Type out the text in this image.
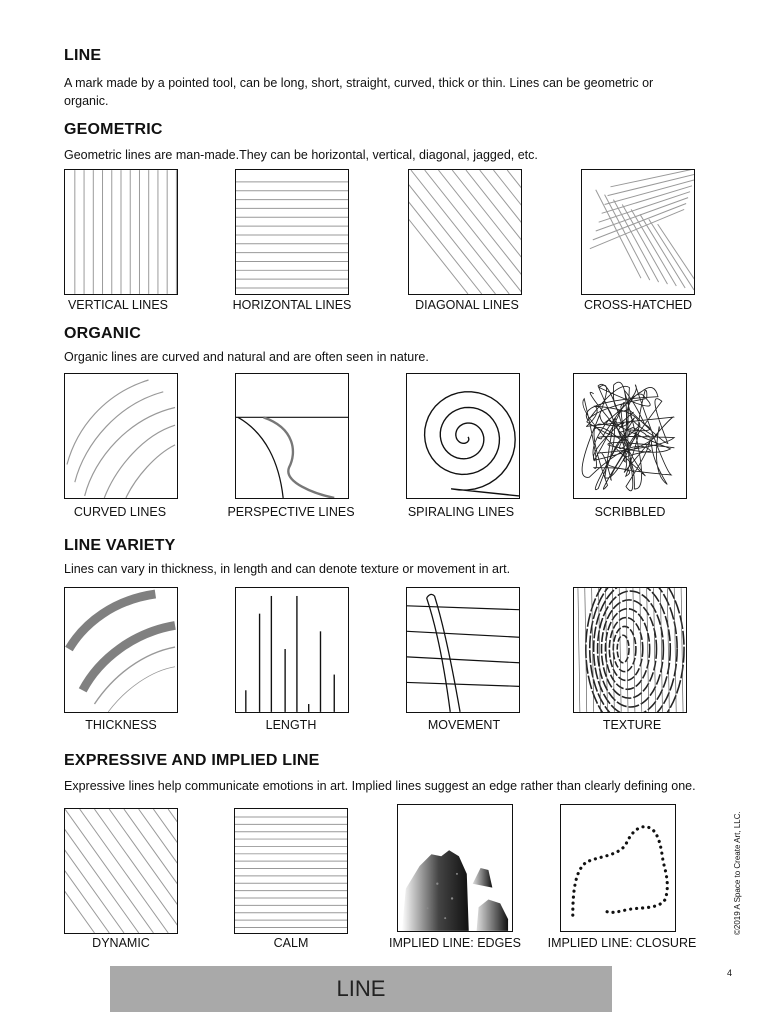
LINE

A mark made by a pointed tool, can be long, short, straight, curved, thick or thin. Lines can be geometric or organic.

GEOMETRIC

Geometric lines are man-made.They can be horizontal, vertical, diagonal, jagged, etc.

VERTICAL LINES	HORIZONTAL LINES	DIAGONAL LINES	CROSS-HATCHED
ORGANIC

Organic lines are curved and natural and are often seen in nature.

CURVED LINES	PERSPECTIVE LINES	SPIRALING LINES	SCRIBBLED
LINE VARIETY

Lines can vary in thickness, in length and can denote texture or movement in art.

THICKNESS	LENGTH	MOVEMENT	TEXTURE
EXPRESSIVE AND IMPLIED LINE

Expressive lines help communicate emotions in art. Implied lines suggest an edge rather than clearly defining one.

DYNAMIC	CALM	IMPLIED LINE: EDGES	IMPLIED LINE: CLOSURE
©2019 A Space to Create Art, LLC.
LINE
4
